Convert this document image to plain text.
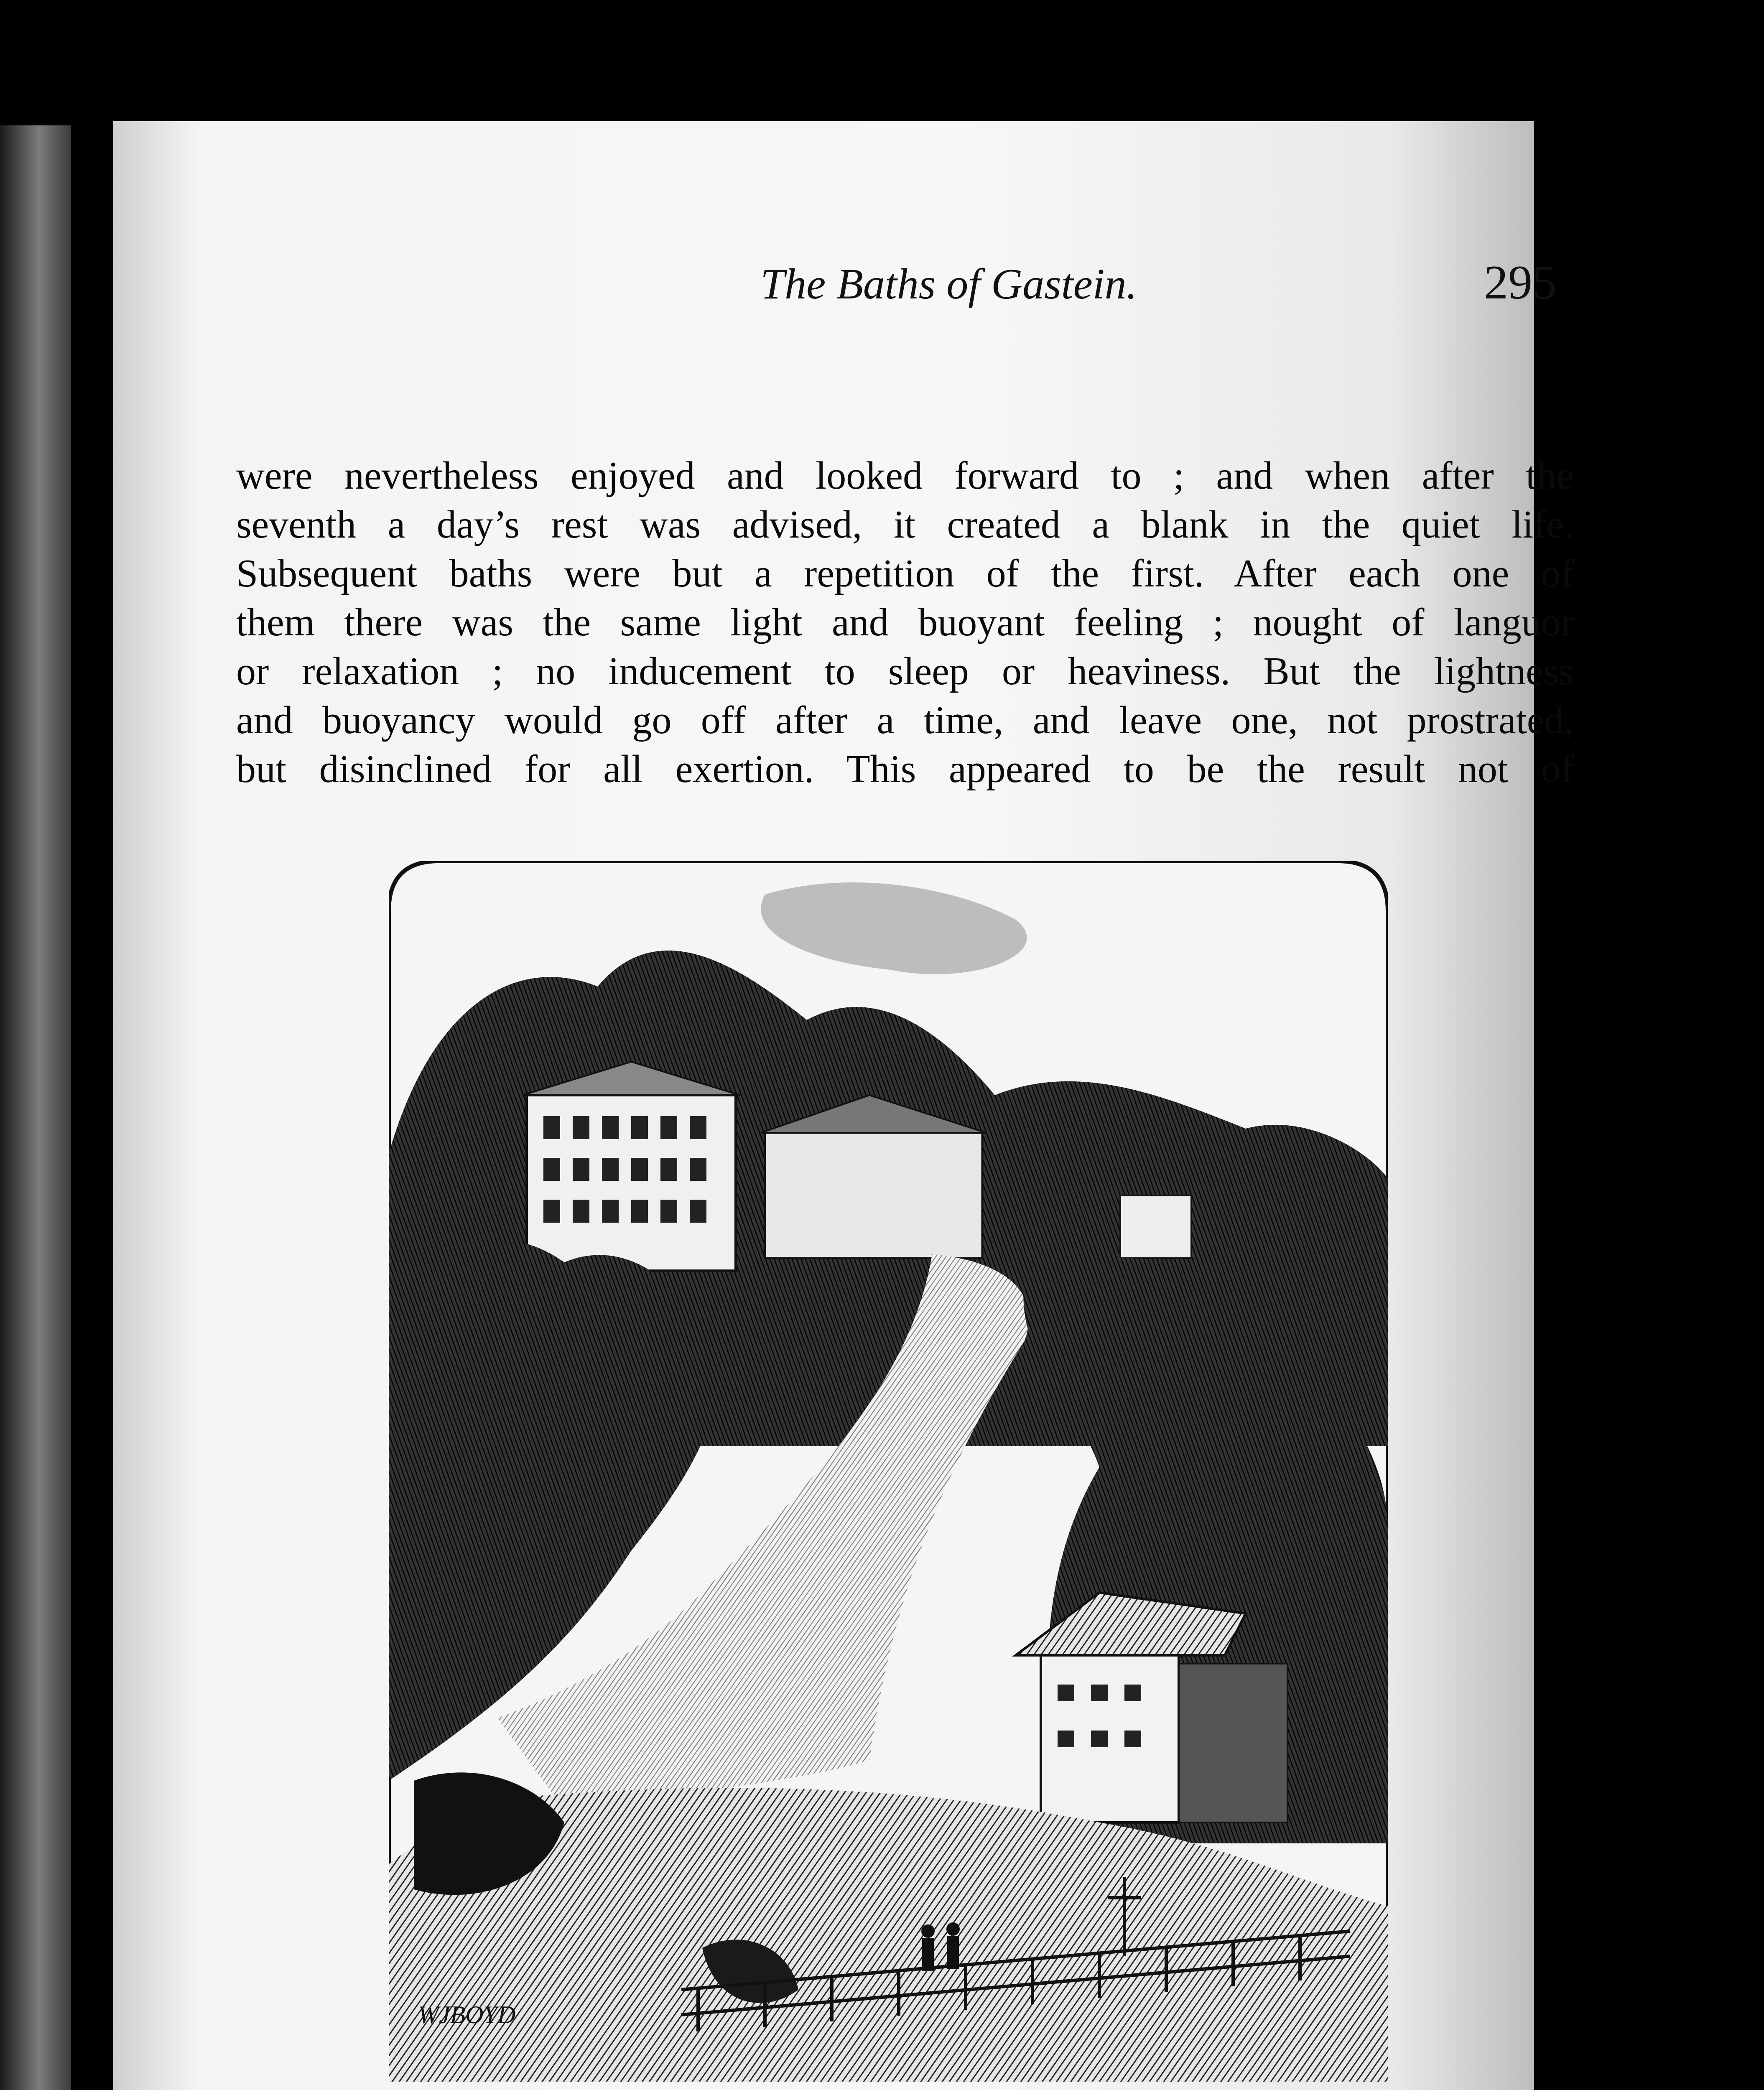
The Baths of Gastein.	295
were nevertheless enjoyed and looked forward to ; and when after the
seventh a day’s rest was advised, it created a blank in the quiet life.
Subsequent baths were but a repetition of the first. After each one of
them there was the same light and buoyant feeling ; nought of languor
or relaxation ; no inducement to sleep or heaviness. But the lightness
and buoyancy would go off after a time, and leave one, not prostrated,
but disinclined for all exertion. This appeared to be the result not of
WJBOYD
